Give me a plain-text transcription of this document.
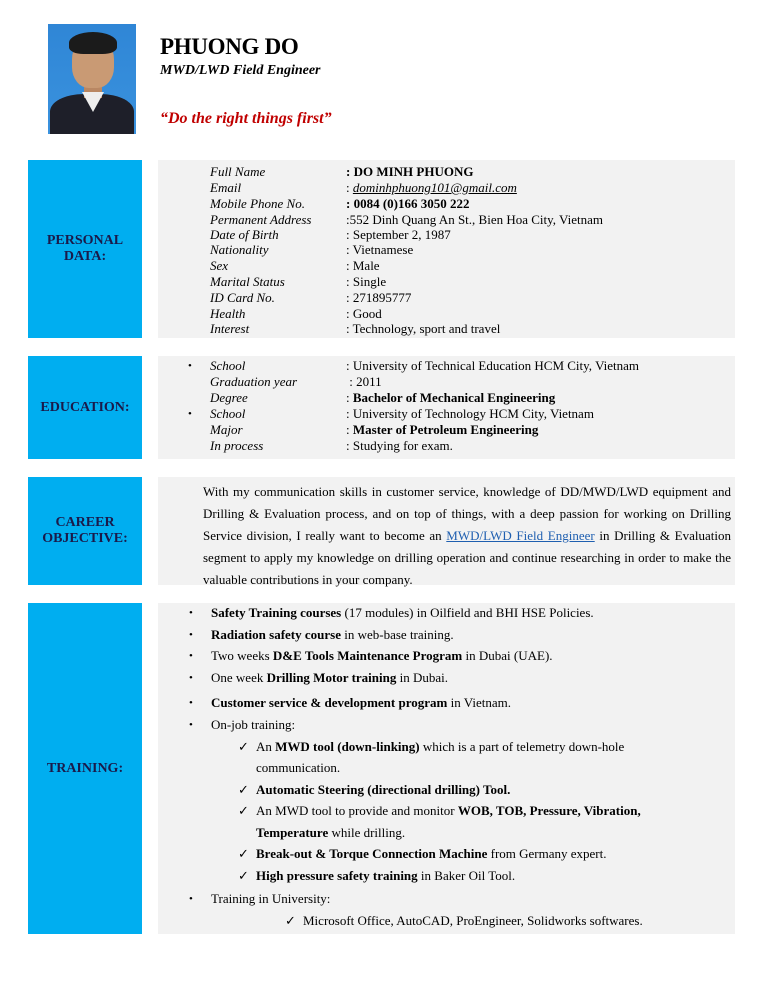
PHUONG DO
MWD/LWD Field Engineer
“Do the right things first”
PERSONAL DATA:
Full Name	: DO MINH PHUONG
Email	: dominhphuong101@gmail.com
Mobile Phone No.	: 0084 (0)166 3050 222
Permanent Address	:552 Dinh Quang An St., Bien Hoa City, Vietnam
Date of Birth	: September 2, 1987
Nationality	: Vietnamese
Sex	: Male
Marital Status	: Single
ID Card No.	: 271895777
Health	: Good
Interest	: Technology, sport and travel
EDUCATION:
• School	: University of Technical Education HCM City, Vietnam
Graduation year	: 2011
Degree	: Bachelor of Mechanical Engineering
• School	: University of Technology HCM City, Vietnam
Major	: Master of Petroleum Engineering
In process	: Studying for exam.
CAREER OBJECTIVE:
With my communication skills in customer service, knowledge of DD/MWD/LWD equipment and Drilling & Evaluation process, and on top of things, with a deep passion for working on Drilling Service division, I really want to become an MWD/LWD Field Engineer in Drilling & Evaluation segment to apply my knowledge on drilling operation and continue researching in order to make the valuable contributions in your company.
TRAINING:
• Safety Training courses (17 modules) in Oilfield and BHI HSE Policies.
• Radiation safety course in web-base training.
• Two weeks D&E Tools Maintenance Program in Dubai (UAE).
• One week Drilling Motor training in Dubai.
• Customer service & development program in Vietnam.
• On-job training:
✓ An MWD tool (down-linking) which is a part of telemetry down-hole
communication.
✓ Automatic Steering (directional drilling) Tool.
✓ An MWD tool to provide and monitor WOB, TOB, Pressure, Vibration,
Temperature while drilling.
✓ Break-out & Torque Connection Machine from Germany expert.
✓ High pressure safety training in Baker Oil Tool.
• Training in University:
✓ Microsoft Office, AutoCAD, ProEngineer, Solidworks softwares.
